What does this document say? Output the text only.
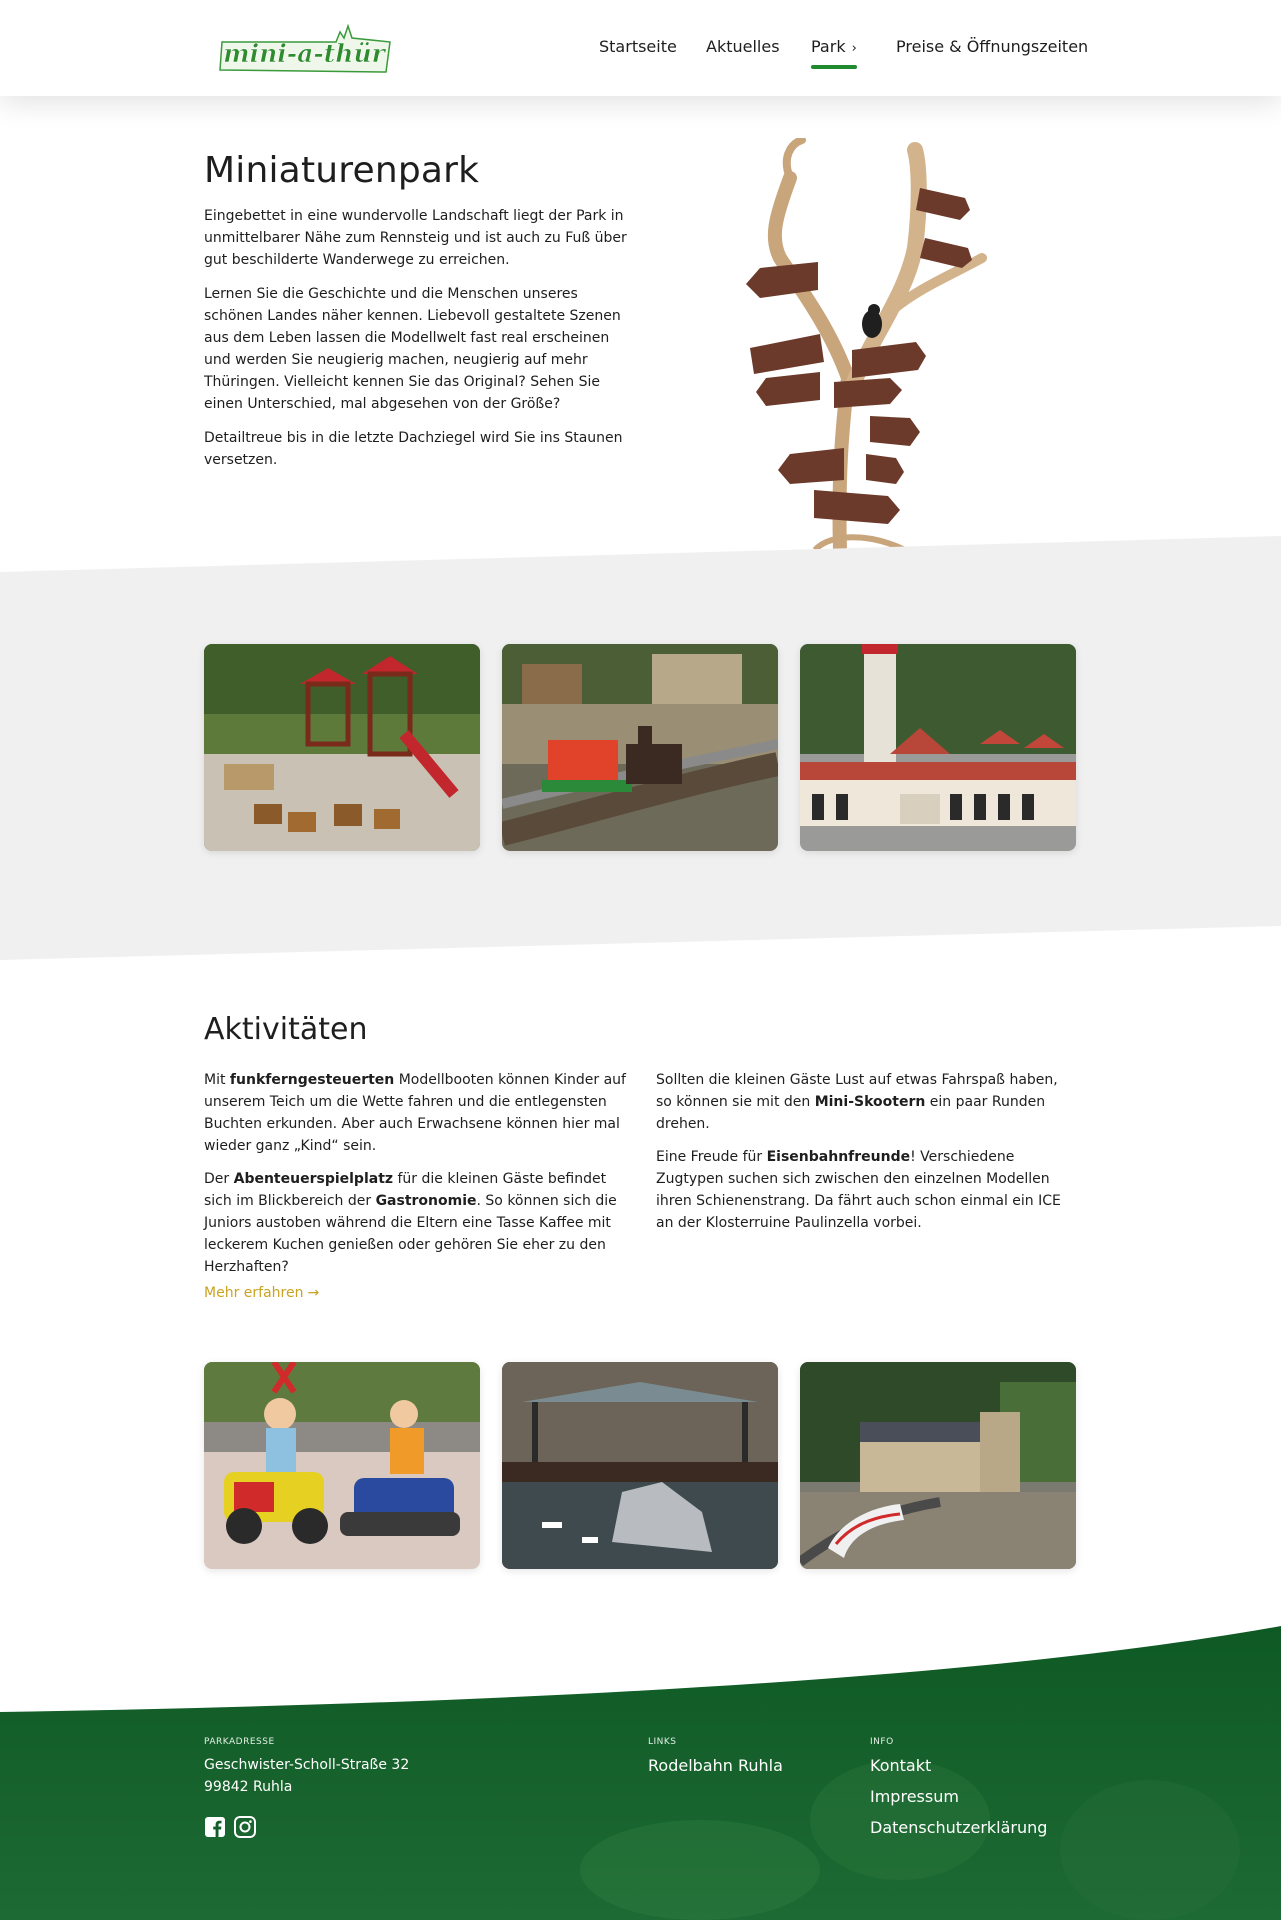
mini-a-thür	Startseite Aktuelles Park › Preise & Öffnungszeiten
Miniaturenpark

Eingebettet in eine wundervolle Landschaft liegt der Park in unmittelbarer Nähe zum Rennsteig und ist auch zu Fuß über gut beschilderte Wanderwege zu erreichen.

Lernen Sie die Geschichte und die Menschen unseres schönen Landes näher kennen. Liebevoll gestaltete Szenen aus dem Leben lassen die Modellwelt fast real erscheinen und werden Sie neugierig machen, neugierig auf mehr Thüringen. Vielleicht kennen Sie das Original? Sehen Sie einen Unterschied, mal abgesehen von der Größe?

Detailtreue bis in die letzte Dachziegel wird Sie ins Staunen versetzen.

Aktivitäten

Mit funkferngesteuerten Modellbooten können Kinder auf unserem Teich um die Wette fahren und die entlegensten Buchten erkunden. Aber auch Erwachsene können hier mal wieder ganz „Kind“ sein.

Der Abenteuerspielplatz für die kleinen Gäste befindet sich im Blickbereich der Gastronomie. So können sich die Juniors austoben während die Eltern eine Tasse Kaffee mit leckerem Kuchen genießen oder gehören Sie eher zu den Herzhaften?

Sollten die kleinen Gäste Lust auf etwas Fahrspaß haben, so können sie mit den Mini-Skootern ein paar Runden drehen.

Eine Freude für Eisenbahnfreunde! Verschiedene Zugtypen suchen sich zwischen den einzelnen Modellen ihren Schienenstrang. Da fährt auch schon einmal ein ICE an der Klosterruine Paulinzella vorbei.

Mehr erfahren →
PARKADRESSE
Geschwister-Scholl-Straße 32
99842 Ruhla
LINKS
Rodelbahn Ruhla
INFO
Kontakt
Impressum
Datenschutzerklärung
